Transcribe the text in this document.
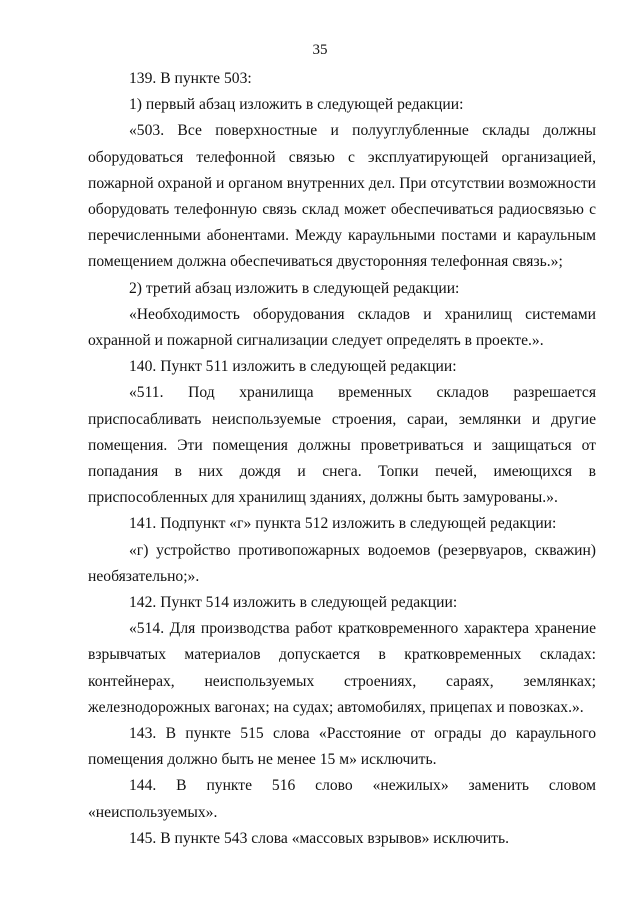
35

139. В пункте 503:

1) первый абзац изложить в следующей редакции:

«503. Все поверхностные и полууглубленные склады должны оборудоваться телефонной связью с эксплуатирующей организацией, пожарной охраной и органом внутренних дел. При отсутствии возможности оборудовать телефонную связь склад может обеспечиваться радиосвязью с перечисленными абонентами. Между караульными постами и караульным помещением должна обеспечиваться двусторонняя телефонная связь.»;

2) третий абзац изложить в следующей редакции:

«Необходимость оборудования складов и хранилищ системами охранной и пожарной сигнализации следует определять в проекте.».

140. Пункт 511 изложить в следующей редакции:

«511. Под хранилища временных складов разрешается приспосабливать неиспользуемые строения, сараи, землянки и другие помещения. Эти помещения должны проветриваться и защищаться от попадания в них дождя и снега. Топки печей, имеющихся в приспособленных для хранилищ зданиях, должны быть замурованы.».

141. Подпункт «г» пункта 512 изложить в следующей редакции:

«г) устройство противопожарных водоемов (резервуаров, скважин) необязательно;».

142. Пункт 514 изложить в следующей редакции:

«514. Для производства работ кратковременного характера хранение взрывчатых материалов допускается в кратковременных складах: контейнерах, неиспользуемых строениях, сараях, землянках; железнодорожных вагонах; на судах; автомобилях, прицепах и повозках.».

143. В пункте 515 слова «Расстояние от ограды до караульного помещения должно быть не менее 15 м» исключить.

144. В пункте 516 слово «нежилых» заменить словом «неиспользуемых».

145. В пункте 543 слова «массовых взрывов» исключить.
